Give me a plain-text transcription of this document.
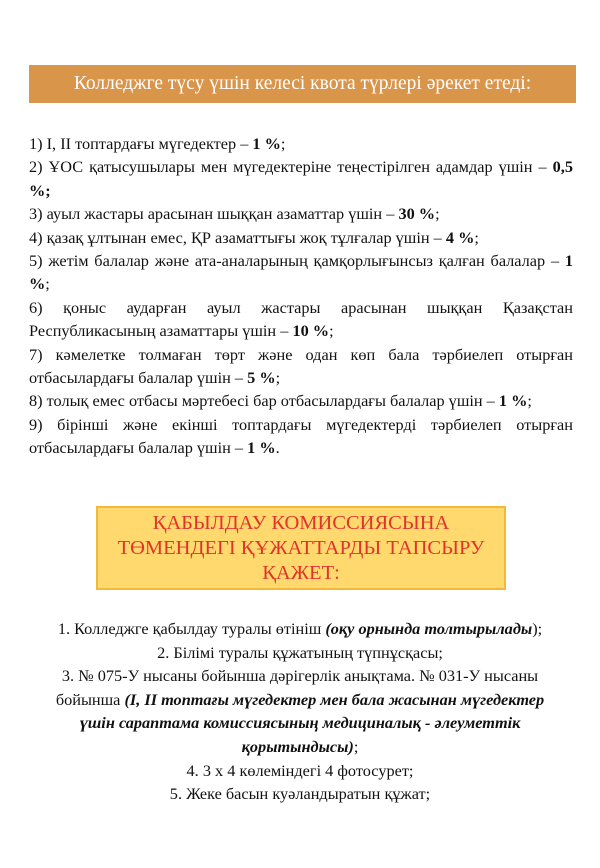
Колледжге түсу үшін келесі квота түрлері әрекет етеді:
1) I, II топтардағы мүгедектер – 1 %;
2) ҰОС қатысушылары мен мүгедектеріне теңестірілген адамдар үшін – 0,5 %;
3) ауыл жастары арасынан шыққан азаматтар үшін – 30 %;
4) қазақ ұлтынан емес, ҚР азаматтығы жоқ тұлғалар үшін – 4 %;
5) жетім балалар және ата-аналарының қамқорлығынсыз қалған балалар – 1 %;
6) қоныс аударған ауыл жастары арасынан шыққан Қазақстан Республикасының азаматтары үшін – 10 %;
7) кәмелетке толмаған төрт және одан көп бала тәрбиелеп отырған отбасылардағы балалар үшін – 5 %;
8) толық емес отбасы мәртебесі бар отбасылардағы балалар үшін – 1 %;
9) бірінші және екінші топтардағы мүгедектерді тәрбиелеп отырған отбасылардағы балалар үшін – 1 %.
ҚАБЫЛДАУ КОМИССИЯСЫНА
ТӨМЕНДЕГІ ҚҰЖАТТАРДЫ ТАПСЫРУ
ҚАЖЕТ:

1. Колледжге қабылдау туралы өтініш (оқу орнында толтырылады);

2. Білімі туралы құжатының түпнұсқасы;

3. № 075-У нысаны бойынша дәрігерлік анықтама. № 031-У нысаны бойынша (I, II топтағы мүгедектер мен бала жасынан мүгедектер үшін сараптама комиссиясының медициналық - әлеуметтік қорытындысы);

4. 3 х 4 көлеміндегі 4 фотосурет;

5. Жеке басын куәландыратын құжат;
